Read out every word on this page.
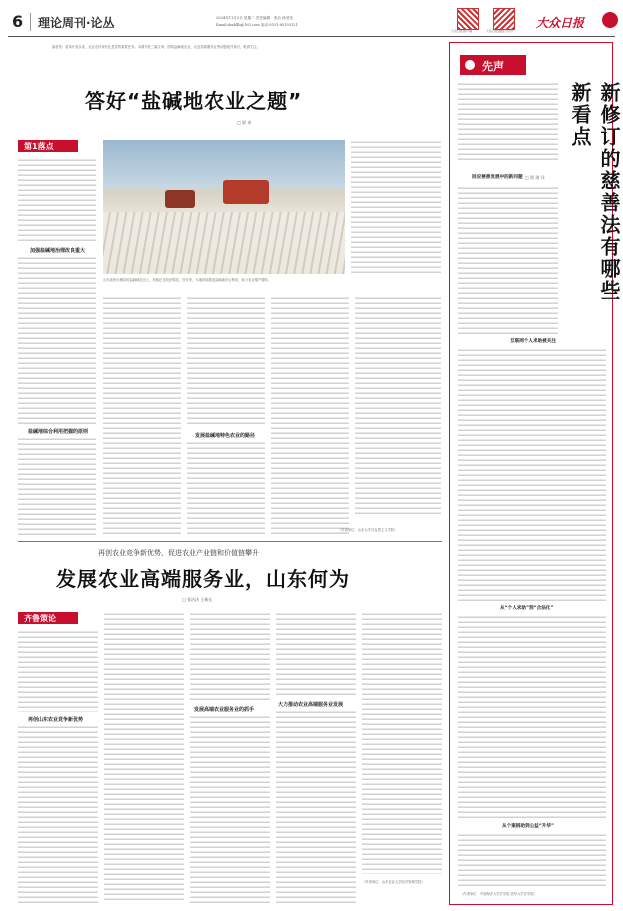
6 理论周刊·论丛	2024年11月5日 星期二 责任编辑：张洁 杨莹莹
Email:dzrbllb@163.com 电话:0531-85193121
大众日报客户端	大众日报微信公众号
大众日报
编者按：改革开放以来，农业农村现代化是党的重要任务。本期刊发三篇文章，围绕盐碱地农业、农业高端服务业等话题展开探讨，敬请关注。
答好“盐碱地农业之题”
□ 郭 来
第1落点
加强盐碱地治理改良重大
盐碱地综合利用把握的原则
山东滨州无棣县的盐碱地农田上，机械正在收获棉花。近年来，当地持续推进盐碱地综合利用，助力农业增产增收。
发展盐碱地特色农业的路径
（作者单位：山东大学马克思主义学院）
再创农业竞争新优势，促进农业产业链和价值链攀升
发展农业高端服务业，山东何为
□ 张洁洁 王新长
齐鲁策论
再创山东农业竞争新优势
发展高端农业服务业的抓手
大力推动农业高端服务业发展
（作者单位：山东农业大学经济管理学院）
先声
新修订的慈善法有哪些新看点
□ 贾 海 洋
回应慈善发展中的新问题
互联网个人求助被关注
从“个人求助”到“合法化”
从个案捐助到公益“升华”
（作者单位：中国海洋大学法学院 清华大学法学院）
